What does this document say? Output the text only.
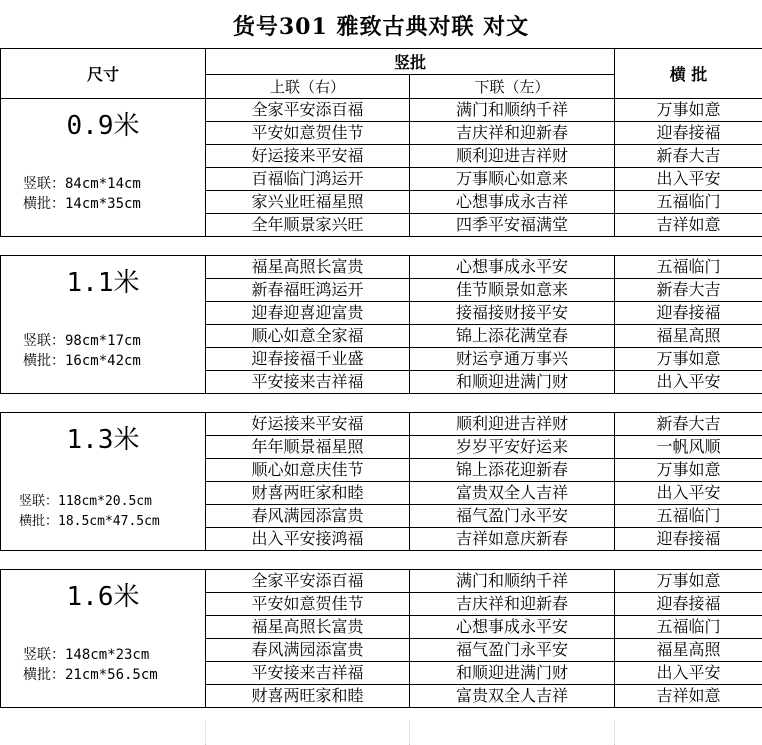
货号301 雅致古典对联 对文
尺寸	竖批		横 批
	上联（右）	下联（左）	

0.9米
竖联：84cm*14cm
横批：14cm*35cm	全家平安添百福	满门和顺纳千祥	万事如意
	平安如意贺佳节	吉庆祥和迎新春	迎春接福
	好运接来平安福	顺利迎进吉祥财	新春大吉
	百福临门鸿运开	万事顺心如意来	出入平安
	家兴业旺福星照	心想事成永吉祥	五福临门
	全年顺景家兴旺	四季平安福满堂	吉祥如意

1.1米
竖联：98cm*17cm
横批：16cm*42cm	福星高照长富贵	心想事成永平安	五福临门
	新春福旺鸿运开	佳节顺景如意来	新春大吉
	迎春迎喜迎富贵	接福接财接平安	迎春接福
	顺心如意全家福	锦上添花满堂春	福星高照
	迎春接福千业盛	财运亨通万事兴	万事如意
	平安接来吉祥福	和顺迎进满门财	出入平安

1.3米
竖联：118cm*20.5cm
横批：18.5cm*47.5cm	好运接来平安福	顺利迎进吉祥财	新春大吉
	年年顺景福星照	岁岁平安好运来	一帆风顺
	顺心如意庆佳节	锦上添花迎新春	万事如意
	财喜两旺家和睦	富贵双全人吉祥	出入平安
	春风满园添富贵	福气盈门永平安	五福临门
	出入平安接鸿福	吉祥如意庆新春	迎春接福

1.6米
竖联：148cm*23cm
横批：21cm*56.5cm	全家平安添百福	满门和顺纳千祥	万事如意
	平安如意贺佳节	吉庆祥和迎新春	迎春接福
	福星高照长富贵	心想事成永平安	五福临门
	春风满园添富贵	福气盈门永平安	福星高照
	平安接来吉祥福	和顺迎进满门财	出入平安
	财喜两旺家和睦	富贵双全人吉祥	吉祥如意
